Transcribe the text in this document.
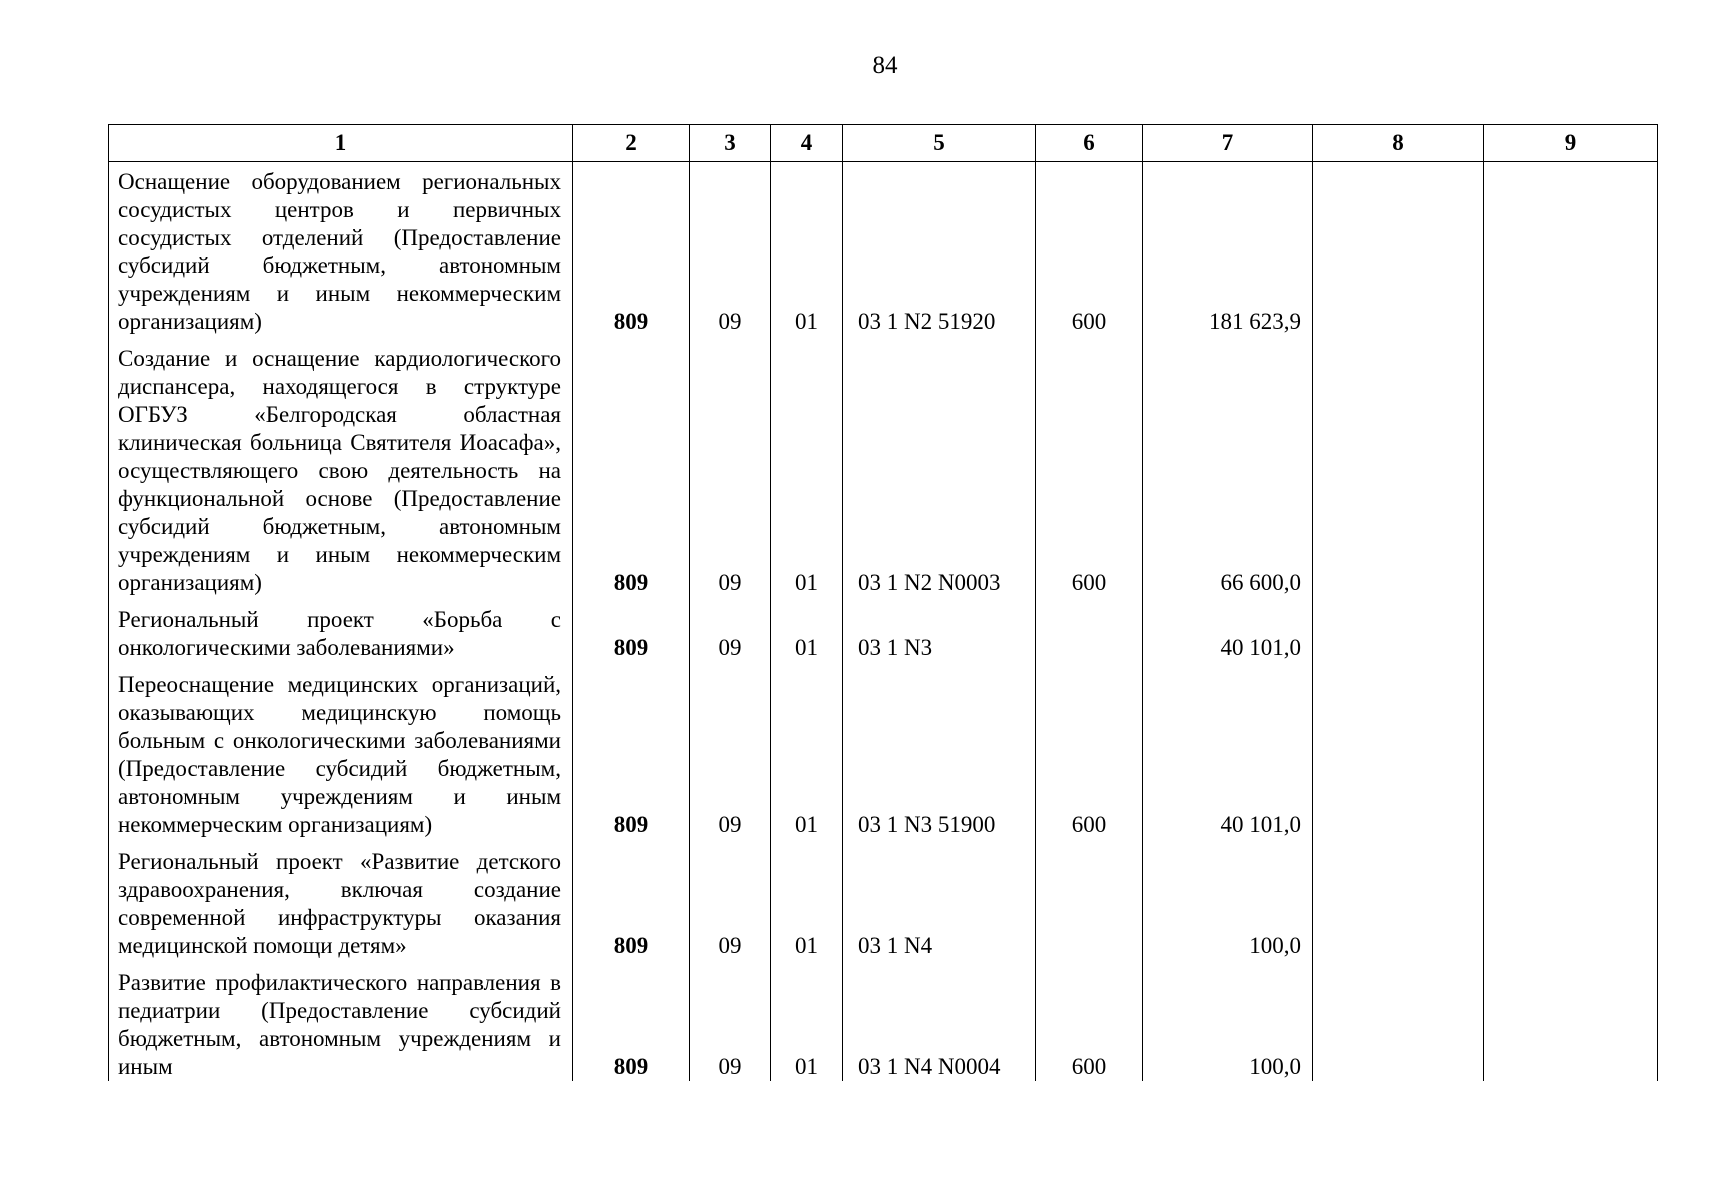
84
1	2	3	4	5	6	7	8	9
Оснащение оборудованием региональных сосудистых центров и первичных сосудистых отделений (Предоставление субсидий бюджетным, автономным учреждениям и иным некоммерческим организациям)	809	09	01	03 1 N2 51920	600	181 623,9		
Создание и оснащение кардиологического диспансера, находящегося в структуре ОГБУЗ «Белгородская областная клиническая больница Святителя Иоасафа», осуществляющего свою деятельность на функциональной основе (Предоставление субсидий бюджетным, автономным учреждениям и иным некоммерческим организациям)	809	09	01	03 1 N2 N0003	600	66 600,0		
Региональный проект «Борьба с онкологическими заболеваниями»	809	09	01	03 1 N3		40 101,0		
Переоснащение медицинских организаций, оказывающих медицинскую помощь больным с онкологическими заболеваниями (Предоставление субсидий бюджетным, автономным учреждениям и иным некоммерческим организациям)	809	09	01	03 1 N3 51900	600	40 101,0		
Региональный проект «Развитие детского здравоохранения, включая создание современной инфраструктуры оказания медицинской помощи детям»	809	09	01	03 1 N4		100,0		
Развитие профилактического направления в педиатрии (Предоставление субсидий бюджетным, автономным учреждениям и иным	809	09	01	03 1 N4 N0004	600	100,0		
